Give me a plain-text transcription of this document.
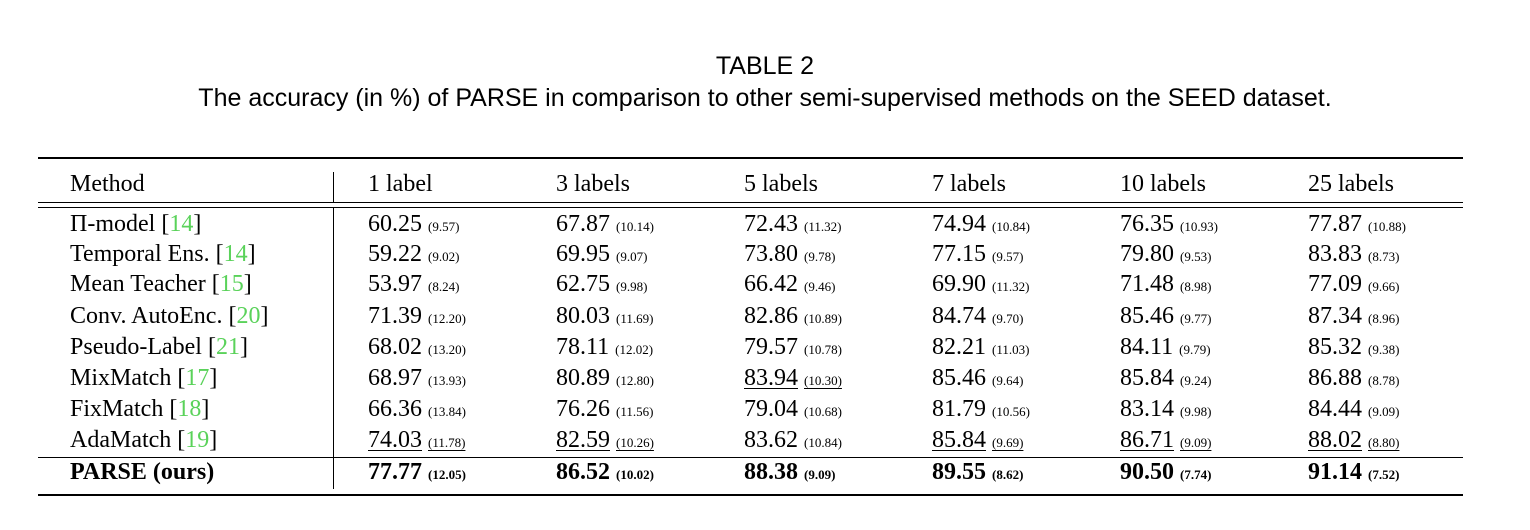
TABLE 2
The accuracy (in %) of PARSE in comparison to other semi-supervised methods on the SEED dataset.
Method	1 label	3 labels	5 labels	7 labels	10 labels	25 labels
Π-model [14]	60.25 (9.57)	67.87 (10.14)	72.43 (11.32)	74.94 (10.84)	76.35 (10.93)	77.87 (10.88)
Temporal Ens. [14]	59.22 (9.02)	69.95 (9.07)	73.80 (9.78)	77.15 (9.57)	79.80 (9.53)	83.83 (8.73)
Mean Teacher [15]	53.97 (8.24)	62.75 (9.98)	66.42 (9.46)	69.90 (11.32)	71.48 (8.98)	77.09 (9.66)
Conv. AutoEnc. [20]	71.39 (12.20)	80.03 (11.69)	82.86 (10.89)	84.74 (9.70)	85.46 (9.77)	87.34 (8.96)
Pseudo-Label [21]	68.02 (13.20)	78.11 (12.02)	79.57 (10.78)	82.21 (11.03)	84.11 (9.79)	85.32 (9.38)
MixMatch [17]	68.97 (13.93)	80.89 (12.80)	83.94 (10.30)	85.46 (9.64)	85.84 (9.24)	86.88 (8.78)
FixMatch [18]	66.36 (13.84)	76.26 (11.56)	79.04 (10.68)	81.79 (10.56)	83.14 (9.98)	84.44 (9.09)
AdaMatch [19]	74.03 (11.78)	82.59 (10.26)	83.62 (10.84)	85.84 (9.69)	86.71 (9.09)	88.02 (8.80)
PARSE (ours)	77.77 (12.05)	86.52 (10.02)	88.38 (9.09)	89.55 (8.62)	90.50 (7.74)	91.14 (7.52)
